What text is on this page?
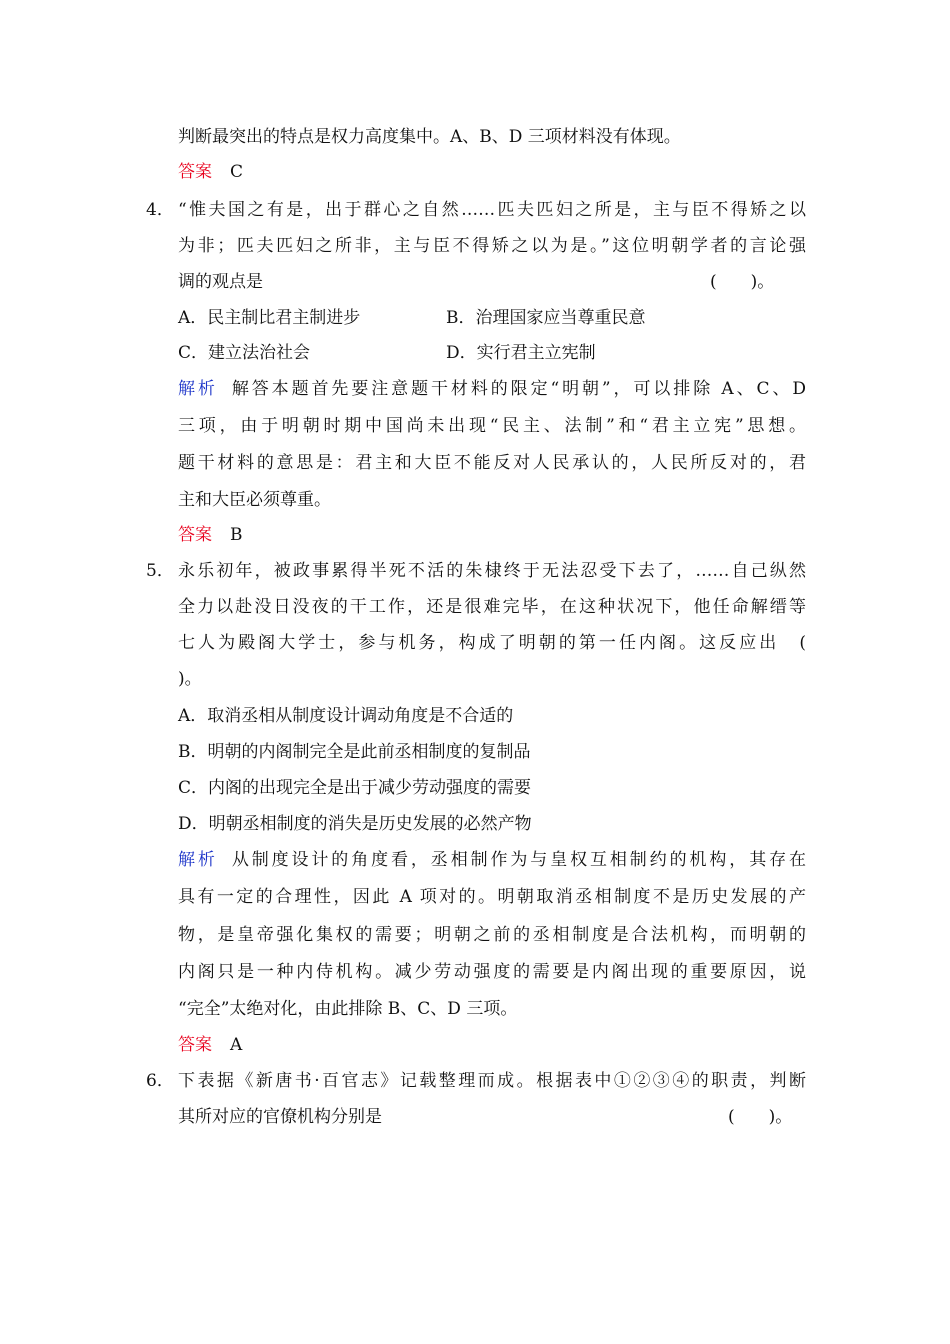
判断最突出的特点是权力高度集中。A、B、D 三项材料没有体现。
答案 C
4． “惟夫国之有是，出于群心之自然……匹夫匹妇之所是，主与臣不得矫之以
为非；匹夫匹妇之所非，主与臣不得矫之以为是。”这位明朝学者的言论强
调的观点是	(　　)。
A．民主制比君主制进步	B．治理国家应当尊重民意
C．建立法治社会	D．实行君主立宪制
解析 解答本题首先要注意题干材料的限定“明朝”，可以排除 A、C、D
三项，由于明朝时期中国尚未出现“民主、法制”和“君主立宪”思想。
题干材料的意思是：君主和大臣不能反对人民承认的，人民所反对的，君
主和大臣必须尊重。
答案 B
5． 永乐初年，被政事累得半死不活的朱棣终于无法忍受下去了，……自己纵然
全力以赴没日没夜的干工作，还是很难完毕，在这种状况下，他任命解缙等
七人为殿阁大学士，参与机务，构成了明朝的第一任内阁。这反应出　(
)。
A．取消丞相从制度设计调动角度是不合适的
B．明朝的内阁制完全是此前丞相制度的复制品
C．内阁的出现完全是出于减少劳动强度的需要
D．明朝丞相制度的消失是历史发展的必然产物
解析 从制度设计的角度看，丞相制作为与皇权互相制约的机构，其存在
具有一定的合理性，因此 A 项对的。明朝取消丞相制度不是历史发展的产
物，是皇帝强化集权的需要；明朝之前的丞相制度是合法机构，而明朝的
内阁只是一种内侍机构。减少劳动强度的需要是内阁出现的重要原因，说
“完全”太绝对化，由此排除 B、C、D 三项。
答案 A
6． 下表据《新唐书·百官志》记载整理而成。根据表中①②③④的职责，判断
其所对应的官僚机构分别是	(　　)。
